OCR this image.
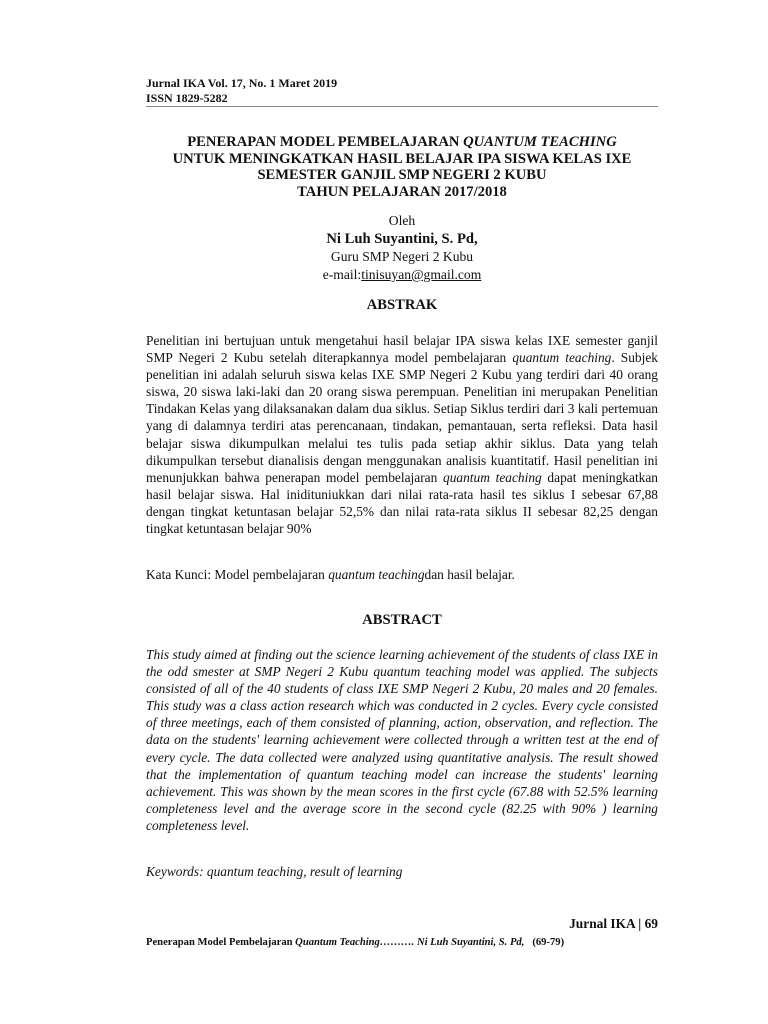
Jurnal IKA Vol. 17, No. 1 Maret 2019
ISSN 1829-5282
PENERAPAN MODEL PEMBELAJARAN QUANTUM TEACHING
UNTUK MENINGKATKAN HASIL BELAJAR IPA SISWA KELAS IXE
SEMESTER GANJIL SMP NEGERI 2 KUBU
TAHUN PELAJARAN 2017/2018
Oleh
Ni Luh Suyantini, S. Pd,
Guru SMP Negeri 2 Kubu
e-mail:tinisuyan@gmail.com
ABSTRAK
Penelitian ini bertujuan untuk mengetahui hasil belajar IPA siswa kelas IXE semester ganjil SMP Negeri 2 Kubu setelah diterapkannya model pembelajaran quantum teaching. Subjek penelitian ini adalah seluruh siswa kelas IXE SMP Negeri 2 Kubu yang terdiri dari 40 orang siswa, 20 siswa laki-laki dan 20 orang siswa perempuan. Penelitian ini merupakan Penelitian Tindakan Kelas yang dilaksanakan dalam dua siklus. Setiap Siklus terdiri dari 3 kali pertemuan yang di dalamnya terdiri atas perencanaan, tindakan, pemantauan, serta refleksi. Data hasil belajar siswa dikumpulkan melalui tes tulis pada setiap akhir siklus. Data yang telah dikumpulkan tersebut dianalisis dengan menggunakan analisis kuantitatif. Hasil penelitian ini menunjukkan bahwa penerapan model pembelajaran quantum teaching dapat meningkatkan hasil belajar siswa. Hal inidituniukkan dari nilai rata-rata hasil tes siklus I sebesar 67,88 dengan tingkat ketuntasan belajar 52,5% dan nilai rata-rata siklus II sebesar 82,25 dengan tingkat ketuntasan belajar 90%
Kata Kunci: Model pembelajaran quantum teachingdan hasil belajar.
ABSTRACT
This study aimed at finding out the science learning achievement of the students of class IXE in the odd smester at SMP Negeri 2 Kubu quantum teaching model was applied. The subjects consisted of all of the 40 students of class IXE SMP Negeri 2 Kubu, 20 males and 20 females. This study was a class action research which was conducted in 2 cycles. Every cycle consisted of three meetings, each of them consisted of planning, action, observation, and reflection. The data on the students' learning achievement were collected through a written test at the end of every cycle. The data collected were analyzed using quantitative analysis. The result showed that the implementation of quantum teaching model can increase the students' learning achievement. This was shown by the mean scores in the first cycle (67.88 with 52.5% learning completeness level and the average score in the second cycle (82.25 with 90% ) learning completeness level.
Keywords: quantum teaching, result of learning
Jurnal IKA | 69
Penerapan Model Pembelajaran Quantum Teaching………. Ni Luh Suyantini, S. Pd, (69-79)
